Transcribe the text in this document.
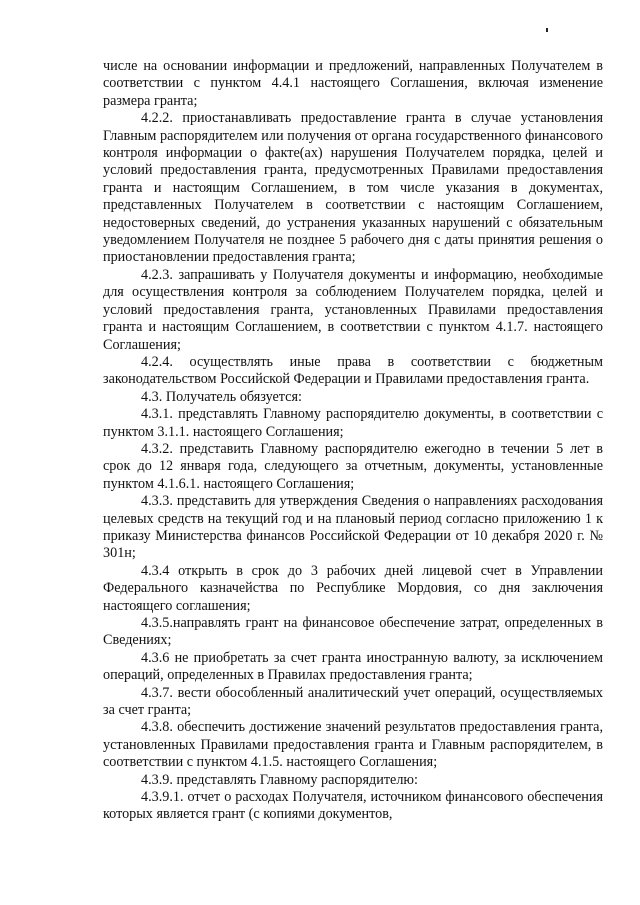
числе на основании информации и предложений, направленных Получателем в соответствии с пунктом 4.4.1 настоящего Соглашения, включая изменение размера гранта;

4.2.2. приостанавливать предоставление гранта в случае установления Главным распорядителем или получения от органа государственного финансового контроля информации о факте(ах) нарушения Получателем порядка, целей и условий предоставления гранта, предусмотренных Правилами предоставления гранта и настоящим Соглашением, в том числе указания в документах, представленных Получателем в соответствии с настоящим Соглашением, недостоверных сведений, до устранения указанных нарушений с обязательным уведомлением Получателя не позднее 5 рабочего дня с даты принятия решения о приостановлении предоставления гранта;

4.2.3. запрашивать у Получателя документы и информацию, необходимые для осуществления контроля за соблюдением Получателем порядка, целей и условий предоставления гранта, установленных Правилами предоставления гранта и настоящим Соглашением, в соответствии с пунктом 4.1.7. настоящего Соглашения;

4.2.4. осуществлять иные права в соответствии с бюджетным законодательством Российской Федерации и Правилами предоставления гранта.

4.3. Получатель обязуется:

4.3.1. представлять Главному распорядителю документы, в соответствии с пунктом 3.1.1. настоящего Соглашения;

4.3.2. представить Главному распорядителю ежегодно в течении 5 лет в срок до 12 января года, следующего за отчетным, документы, установленные пунктом 4.1.6.1. настоящего Соглашения;

4.3.3. представить для утверждения Сведения о направлениях расходования целевых средств на текущий год и на плановый период согласно приложению 1 к приказу Министерства финансов Российской Федерации от 10 декабря 2020 г. № 301н;

4.3.4 открыть в срок до 3 рабочих дней лицевой счет в Управлении Федерального казначейства по Республике Мордовия, со дня заключения настоящего соглашения;

4.3.5.направлять грант на финансовое обеспечение затрат, определенных в Сведениях;

4.3.6 не приобретать за счет гранта иностранную валюту, за исключением операций, определенных в Правилах предоставления гранта;

4.3.7. вести обособленный аналитический учет операций, осуществляемых за счет гранта;

4.3.8. обеспечить достижение значений результатов предоставления гранта, установленных Правилами предоставления гранта и Главным распорядителем, в соответствии с пунктом 4.1.5. настоящего Соглашения;

4.3.9. представлять Главному распорядителю:

4.3.9.1. отчет о расходах Получателя, источником финансового обеспечения которых является грант (с копиями документов,
